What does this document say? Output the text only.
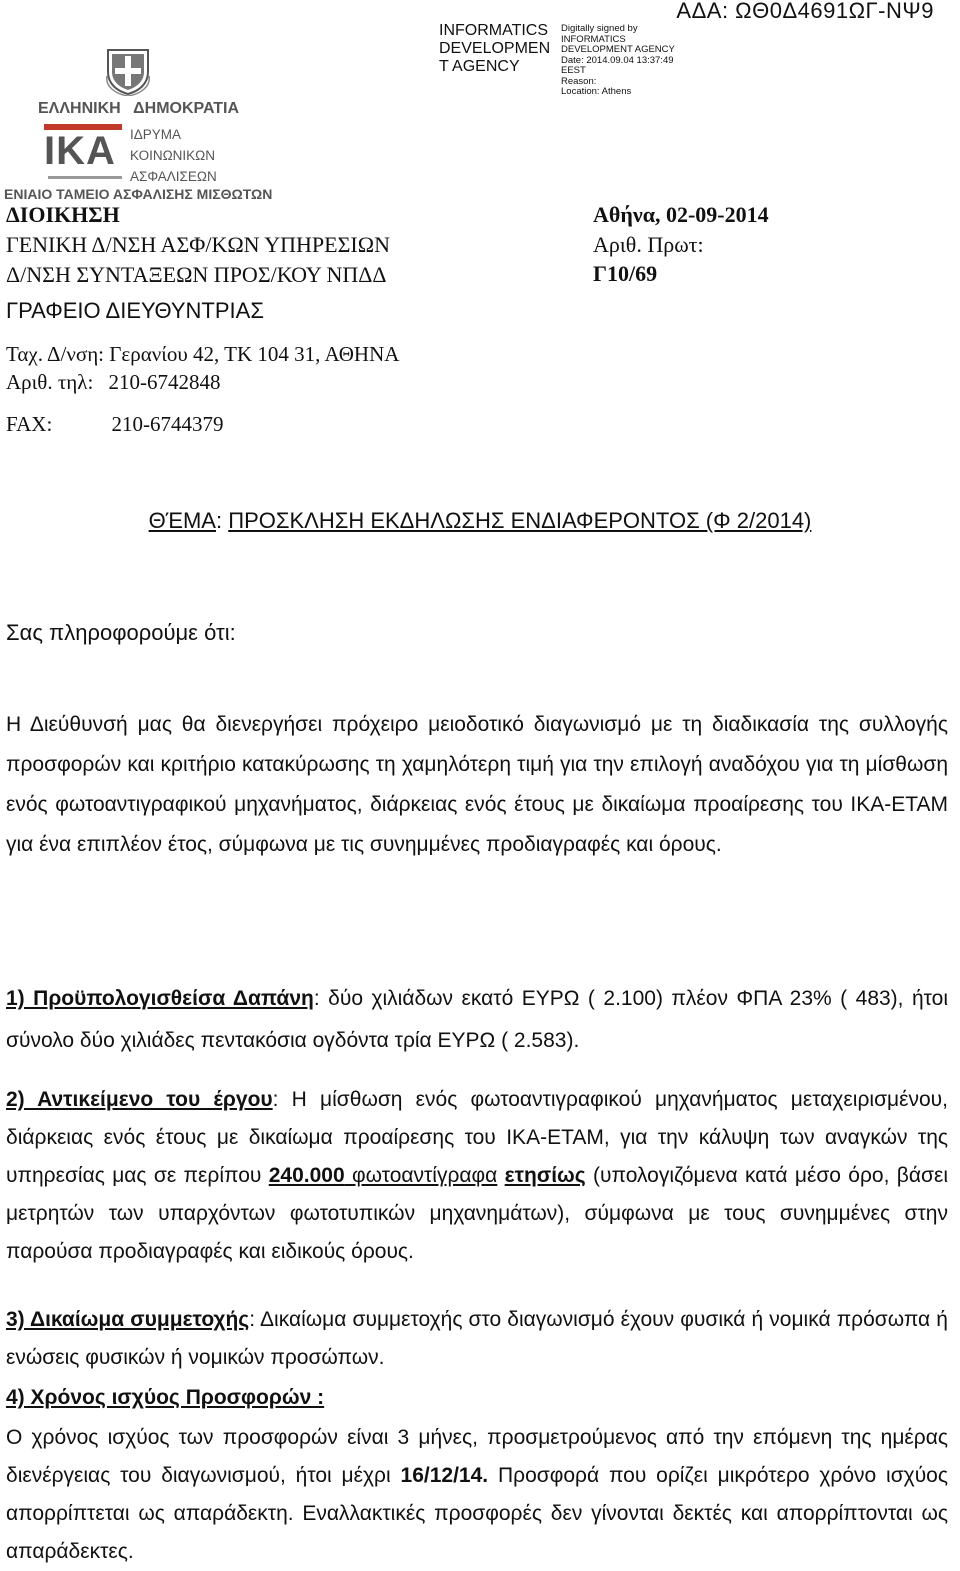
ΑΔΑ: ΩΘ0Δ4691ΩΓ-ΝΨ9
INFORMATICS
DEVELOPMEN
T AGENCY
Digitally signed by
INFORMATICS
DEVELOPMENT AGENCY
Date: 2014.09.04 13:37:49
EEST
Reason:
Location: Athens
ΕΛΛΗΝΙΚΗ ΔΗΜΟΚΡΑΤΙΑ
ΙΚΑ	ΙΔΡΥΜΑ
ΚΟΙΝΩΝΙΚΩΝ
ΑΣΦΑΛΙΣΕΩΝ
ΕΝΙΑΙΟ ΤΑΜΕΙΟ ΑΣΦΑΛΙΣΗΣ ΜΙΣΘΩΤΩΝ
ΔΙΟΙΚΗΣΗ
ΓΕΝΙΚΗ Δ/ΝΣΗ ΑΣΦ/ΚΩΝ ΥΠΗΡΕΣΙΩΝ
Δ/ΝΣΗ ΣΥΝΤΑΞΕΩΝ ΠΡΟΣ/ΚΟΥ ΝΠΔΔ
ΓΡΑΦΕΙΟ ΔΙΕΥΘΥΝΤΡΙΑΣ
Ταχ. Δ/νση: Γερανίου 42, ΤΚ 104 31, ΑΘΗΝΑ
Αριθ. τηλ: 210-6742848
FAX:	210-6744379
Αθήνα, 02-09-2014
Αριθ. Πρωτ:
Γ10/69
ΘΈΜΑ: ΠΡΟΣΚΛΗΣΗ ΕΚΔΗΛΩΣΗΣ ΕΝΔΙΑΦΕΡΟΝΤΟΣ (Φ 2/2014)
Σας πληροφορούμε ότι:
Η Διεύθυνσή μας θα διενεργήσει πρόχειρο μειοδοτικό διαγωνισμό με τη διαδικασία της συλλογής προσφορών και κριτήριο κατακύρωσης τη χαμηλότερη τιμή για την επιλογή αναδόχου για τη μίσθωση ενός φωτοαντιγραφικού μηχανήματος, διάρκειας ενός έτους με δικαίωμα προαίρεσης του ΙΚΑ-ΕΤΑΜ για ένα επιπλέον έτος, σύμφωνα με τις συνημμένες προδιαγραφές και όρους.
1) Προϋπολογισθείσα Δαπάνη: δύο χιλιάδων εκατό ΕΥΡΩ ( 2.100) πλέον ΦΠΑ 23% ( 483), ήτοι σύνολο δύο χιλιάδες πεντακόσια ογδόντα τρία ΕΥΡΩ ( 2.583).
2) Αντικείμενο του έργου: Η μίσθωση ενός φωτοαντιγραφικού μηχανήματος μεταχειρισμένου, διάρκειας ενός έτους με δικαίωμα προαίρεσης του ΙΚΑ-ΕΤΑΜ, για την κάλυψη των αναγκών της υπηρεσίας μας σε περίπου 240.000 φωτοαντίγραφα ετησίως (υπολογιζόμενα κατά μέσο όρο, βάσει μετρητών των υπαρχόντων φωτοτυπικών μηχανημάτων), σύμφωνα με τους συνημμένες στην παρούσα προδιαγραφές και ειδικούς όρους.
3) Δικαίωμα συμμετοχής: Δικαίωμα συμμετοχής στο διαγωνισμό έχουν φυσικά ή νομικά πρόσωπα ή ενώσεις φυσικών ή νομικών προσώπων.
4) Χρόνος ισχύος Προσφορών :
Ο χρόνος ισχύος των προσφορών είναι 3 μήνες, προσμετρούμενος από την επόμενη της ημέρας διενέργειας του διαγωνισμού, ήτοι μέχρι 16/12/14. Προσφορά που ορίζει μικρότερο χρόνο ισχύος απορρίπτεται ως απαράδεκτη. Εναλλακτικές προσφορές δεν γίνονται δεκτές και απορρίπτονται ως απαράδεκτες.
